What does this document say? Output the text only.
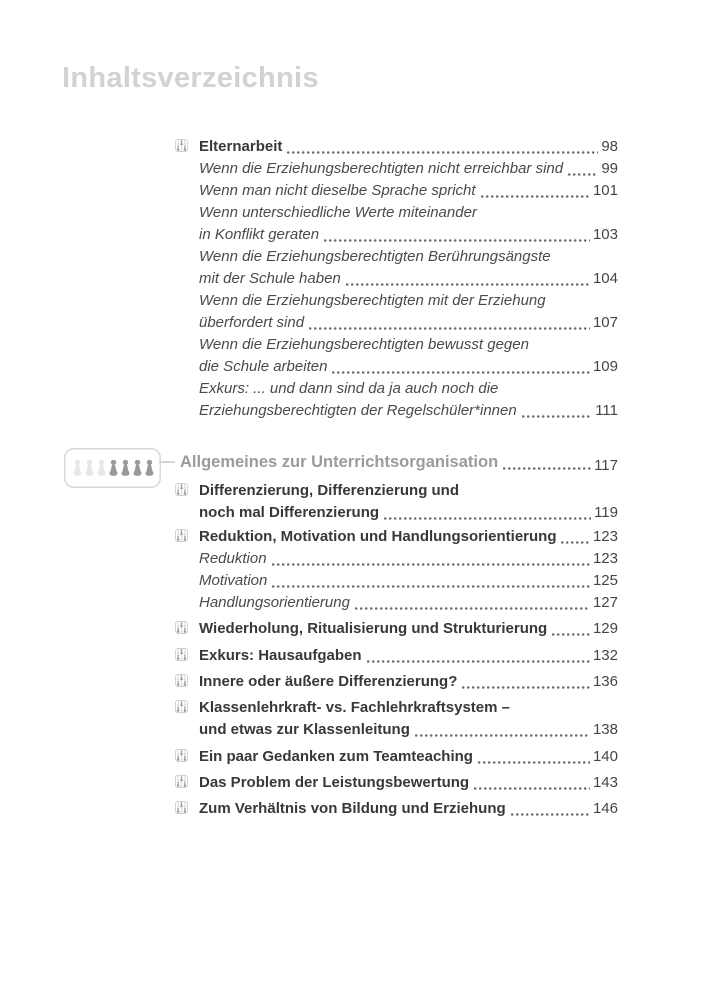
Inhaltsverzeichnis
Elternarbeit	98
Wenn die Erziehungsberechtigten nicht erreichbar sind	99
Wenn man nicht dieselbe Sprache spricht	101
Wenn unterschiedliche Werte miteinander
in Konflikt geraten	103
Wenn die Erziehungsberechtigten Berührungsängste
mit der Schule haben	104
Wenn die Erziehungsberechtigten mit der Erziehung
überfordert sind	107
Wenn die Erziehungsberechtigten bewusst gegen
die Schule arbeiten	109
Exkurs: ... und dann sind da ja auch noch die
Erziehungsberechtigten der Regelschüler*innen	111
Allgemeines zur Unterrichtsorganisation	117
Differenzierung, Differenzierung und
noch mal Differenzierung	119
Reduktion, Motivation und Handlungsorientierung 123
Reduktion	123
Motivation	125
Handlungsorientierung	127
Wiederholung, Ritualisierung und Strukturierung	129
Exkurs: Hausaufgaben	132
Innere oder äußere Differenzierung?	136
Klassenlehrkraft- vs. Fachlehrkraftsystem –
und etwas zur Klassenleitung	138
Ein paar Gedanken zum Teamteaching	140
Das Problem der Leistungsbewertung	143
Zum Verhältnis von Bildung und Erziehung	146
